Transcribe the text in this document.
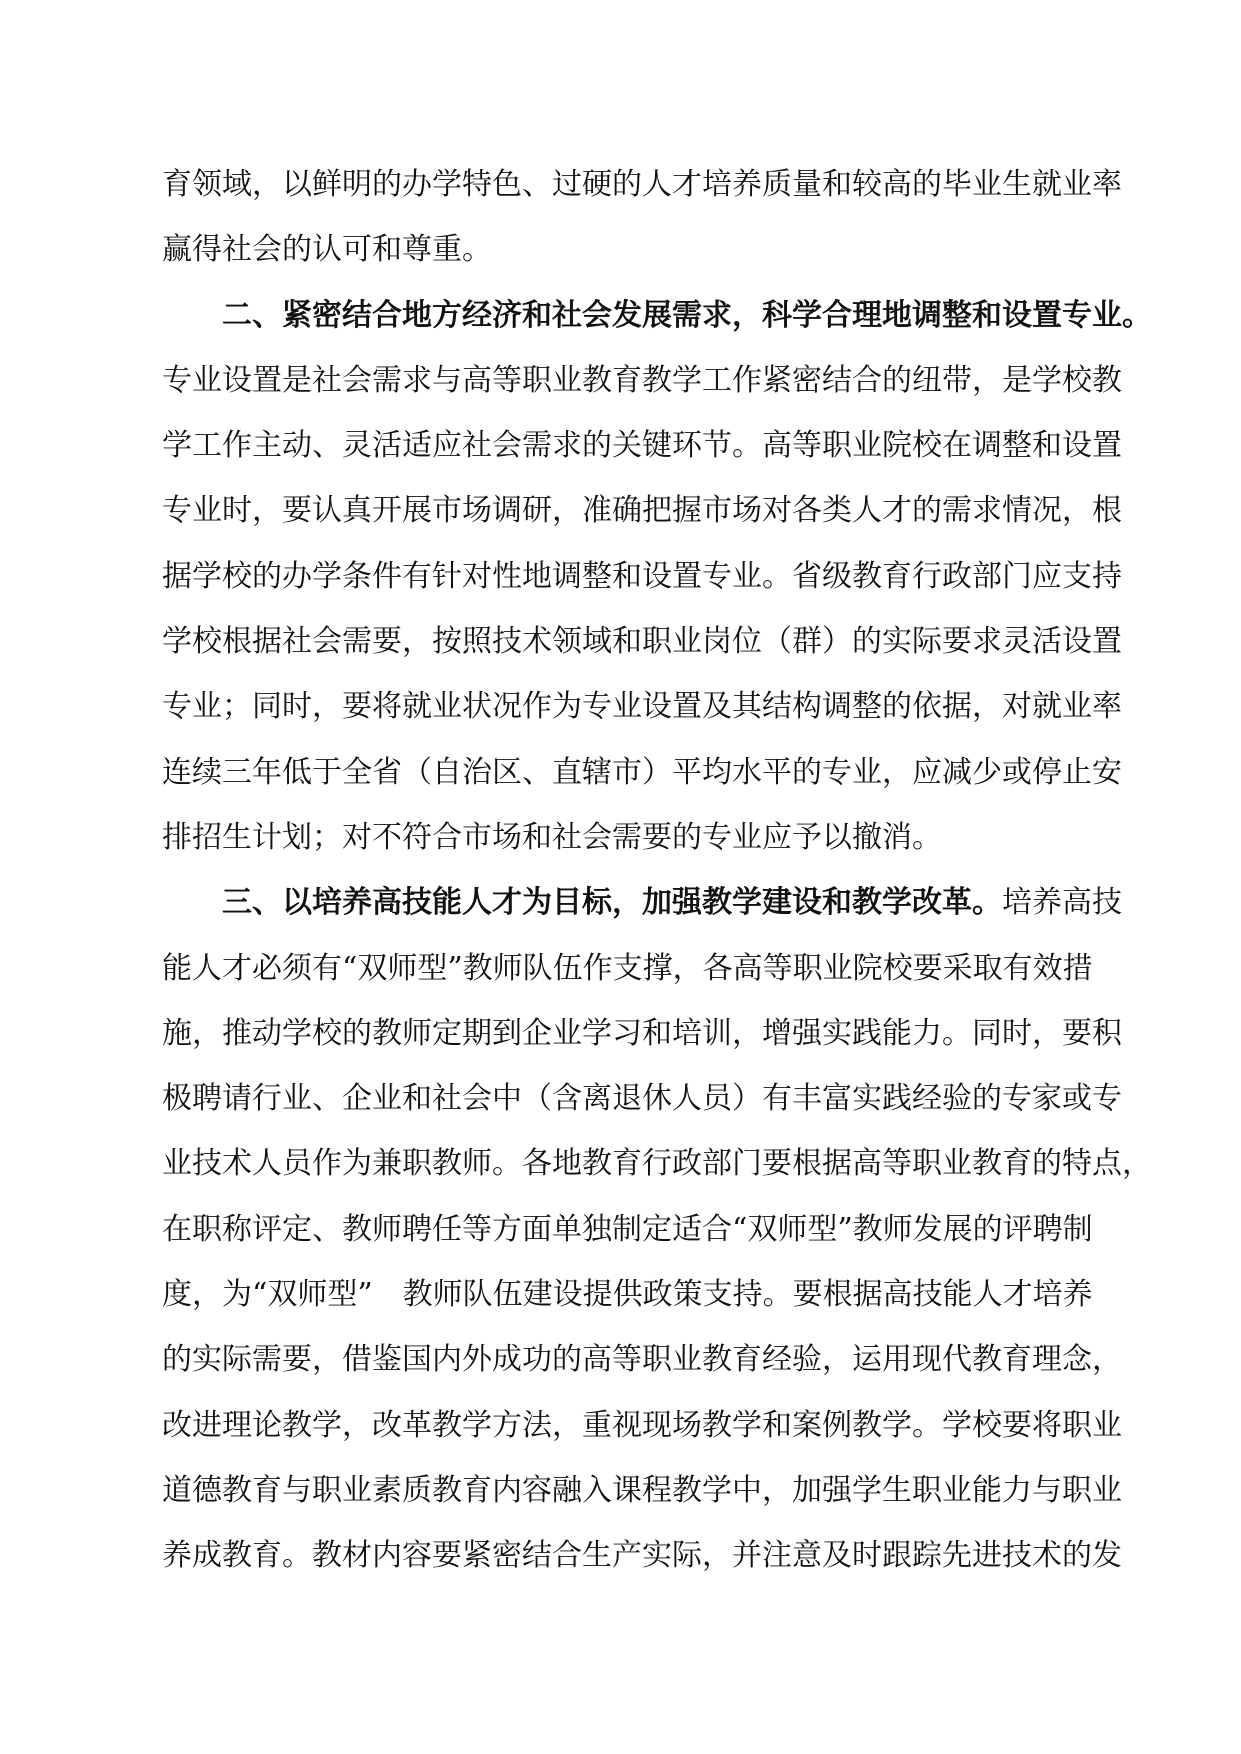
育领域，以鲜明的办学特色、过硬的人才培养质量和较高的毕业生就业率
赢得社会的认可和尊重。
二、紧密结合地方经济和社会发展需求，科学合理地调整和设置专业。
专业设置是社会需求与高等职业教育教学工作紧密结合的纽带，是学校教
学工作主动、灵活适应社会需求的关键环节。高等职业院校在调整和设置
专业时，要认真开展市场调研，准确把握市场对各类人才的需求情况，根
据学校的办学条件有针对性地调整和设置专业。省级教育行政部门应支持
学校根据社会需要，按照技术领域和职业岗位（群）的实际要求灵活设置
专业；同时，要将就业状况作为专业设置及其结构调整的依据，对就业率
连续三年低于全省（自治区、直辖市）平均水平的专业，应减少或停止安
排招生计划；对不符合市场和社会需要的专业应予以撤消。
三、以培养高技能人才为目标，加强教学建设和教学改革。培养高技
能人才必须有“双师型”教师队伍作支撑，各高等职业院校要采取有效措
施，推动学校的教师定期到企业学习和培训，增强实践能力。同时，要积
极聘请行业、企业和社会中（含离退休人员）有丰富实践经验的专家或专
业技术人员作为兼职教师。各地教育行政部门要根据高等职业教育的特点，
在职称评定、教师聘任等方面单独制定适合“双师型”教师发展的评聘制
度，为“双师型”　教师队伍建设提供政策支持。要根据高技能人才培养
的实际需要，借鉴国内外成功的高等职业教育经验，运用现代教育理念，
改进理论教学，改革教学方法，重视现场教学和案例教学。学校要将职业
道德教育与职业素质教育内容融入课程教学中，加强学生职业能力与职业
养成教育。教材内容要紧密结合生产实际，并注意及时跟踪先进技术的发
